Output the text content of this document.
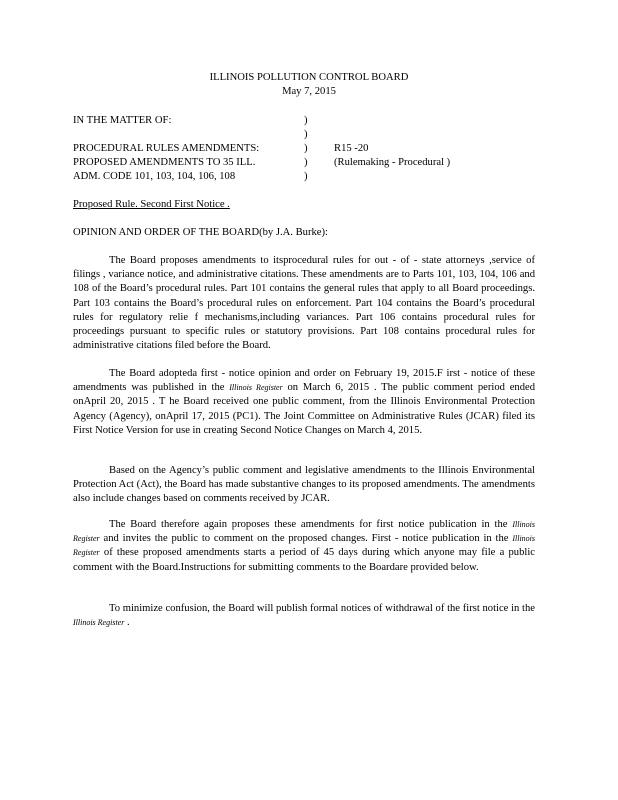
ILLINOIS POLLUTION CONTROL BOARD
May 7, 2015
IN THE MATTER OF:
PROCEDURAL RULES AMENDMENTS:
PROPOSED AMENDMENTS TO 35 ILL.
ADM. CODE 101, 103, 104, 106, 108
)
)
)
)
)
R15 -20
(Rulemaking - Procedural )
Proposed Rule. Second First Notice .
OPINION AND ORDER OF THE BOARD(by J.A. Burke):
The Board proposes amendments to itsprocedural rules for out - of - state attorneys ,service of filings , variance notice, and administrative citations. These amendments are to Parts 101, 103, 104, 106 and 108 of the Board’s procedural rules. Part 101 contains the general rules that apply to all Board proceedings. Part 103 contains the Board’s procedural rules on enforcement. Part 104 contains the Board’s procedural rules for regulatory relie f mechanisms,including variances. Part 106 contains procedural rules for proceedings pursuant to specific rules or statutory provisions. Part 108 contains procedural rules for administrative citations filed before the Board.
The Board adopteda first - notice opinion and order on February 19, 2015.F irst - notice of these amendments was published in the Illinois Register on March 6, 2015 . The public comment period ended onApril 20, 2015 . T he Board received one public comment, from the Illinois Environmental Protection Agency (Agency), onApril 17, 2015 (PC1). The Joint Committee on Administrative Rules (JCAR) filed its First Notice Version for use in creating Second Notice Changes on March 4, 2015.
Based on the Agency’s public comment and legislative amendments to the Illinois Environmental Protection Act (Act), the Board has made substantive changes to its proposed amendments. The amendments also include changes based on comments received by JCAR.
The Board therefore again proposes these amendments for first notice publication in the Illinois Register and invites the public to comment on the proposed changes. First - notice publication in the Illinois Register of these proposed amendments starts a period of 45 days during which anyone may file a public comment with the Board.Instructions for submitting comments to the Boardare provided below.
To minimize confusion, the Board will publish formal notices of withdrawal of the first notice in the Illinois Register .
